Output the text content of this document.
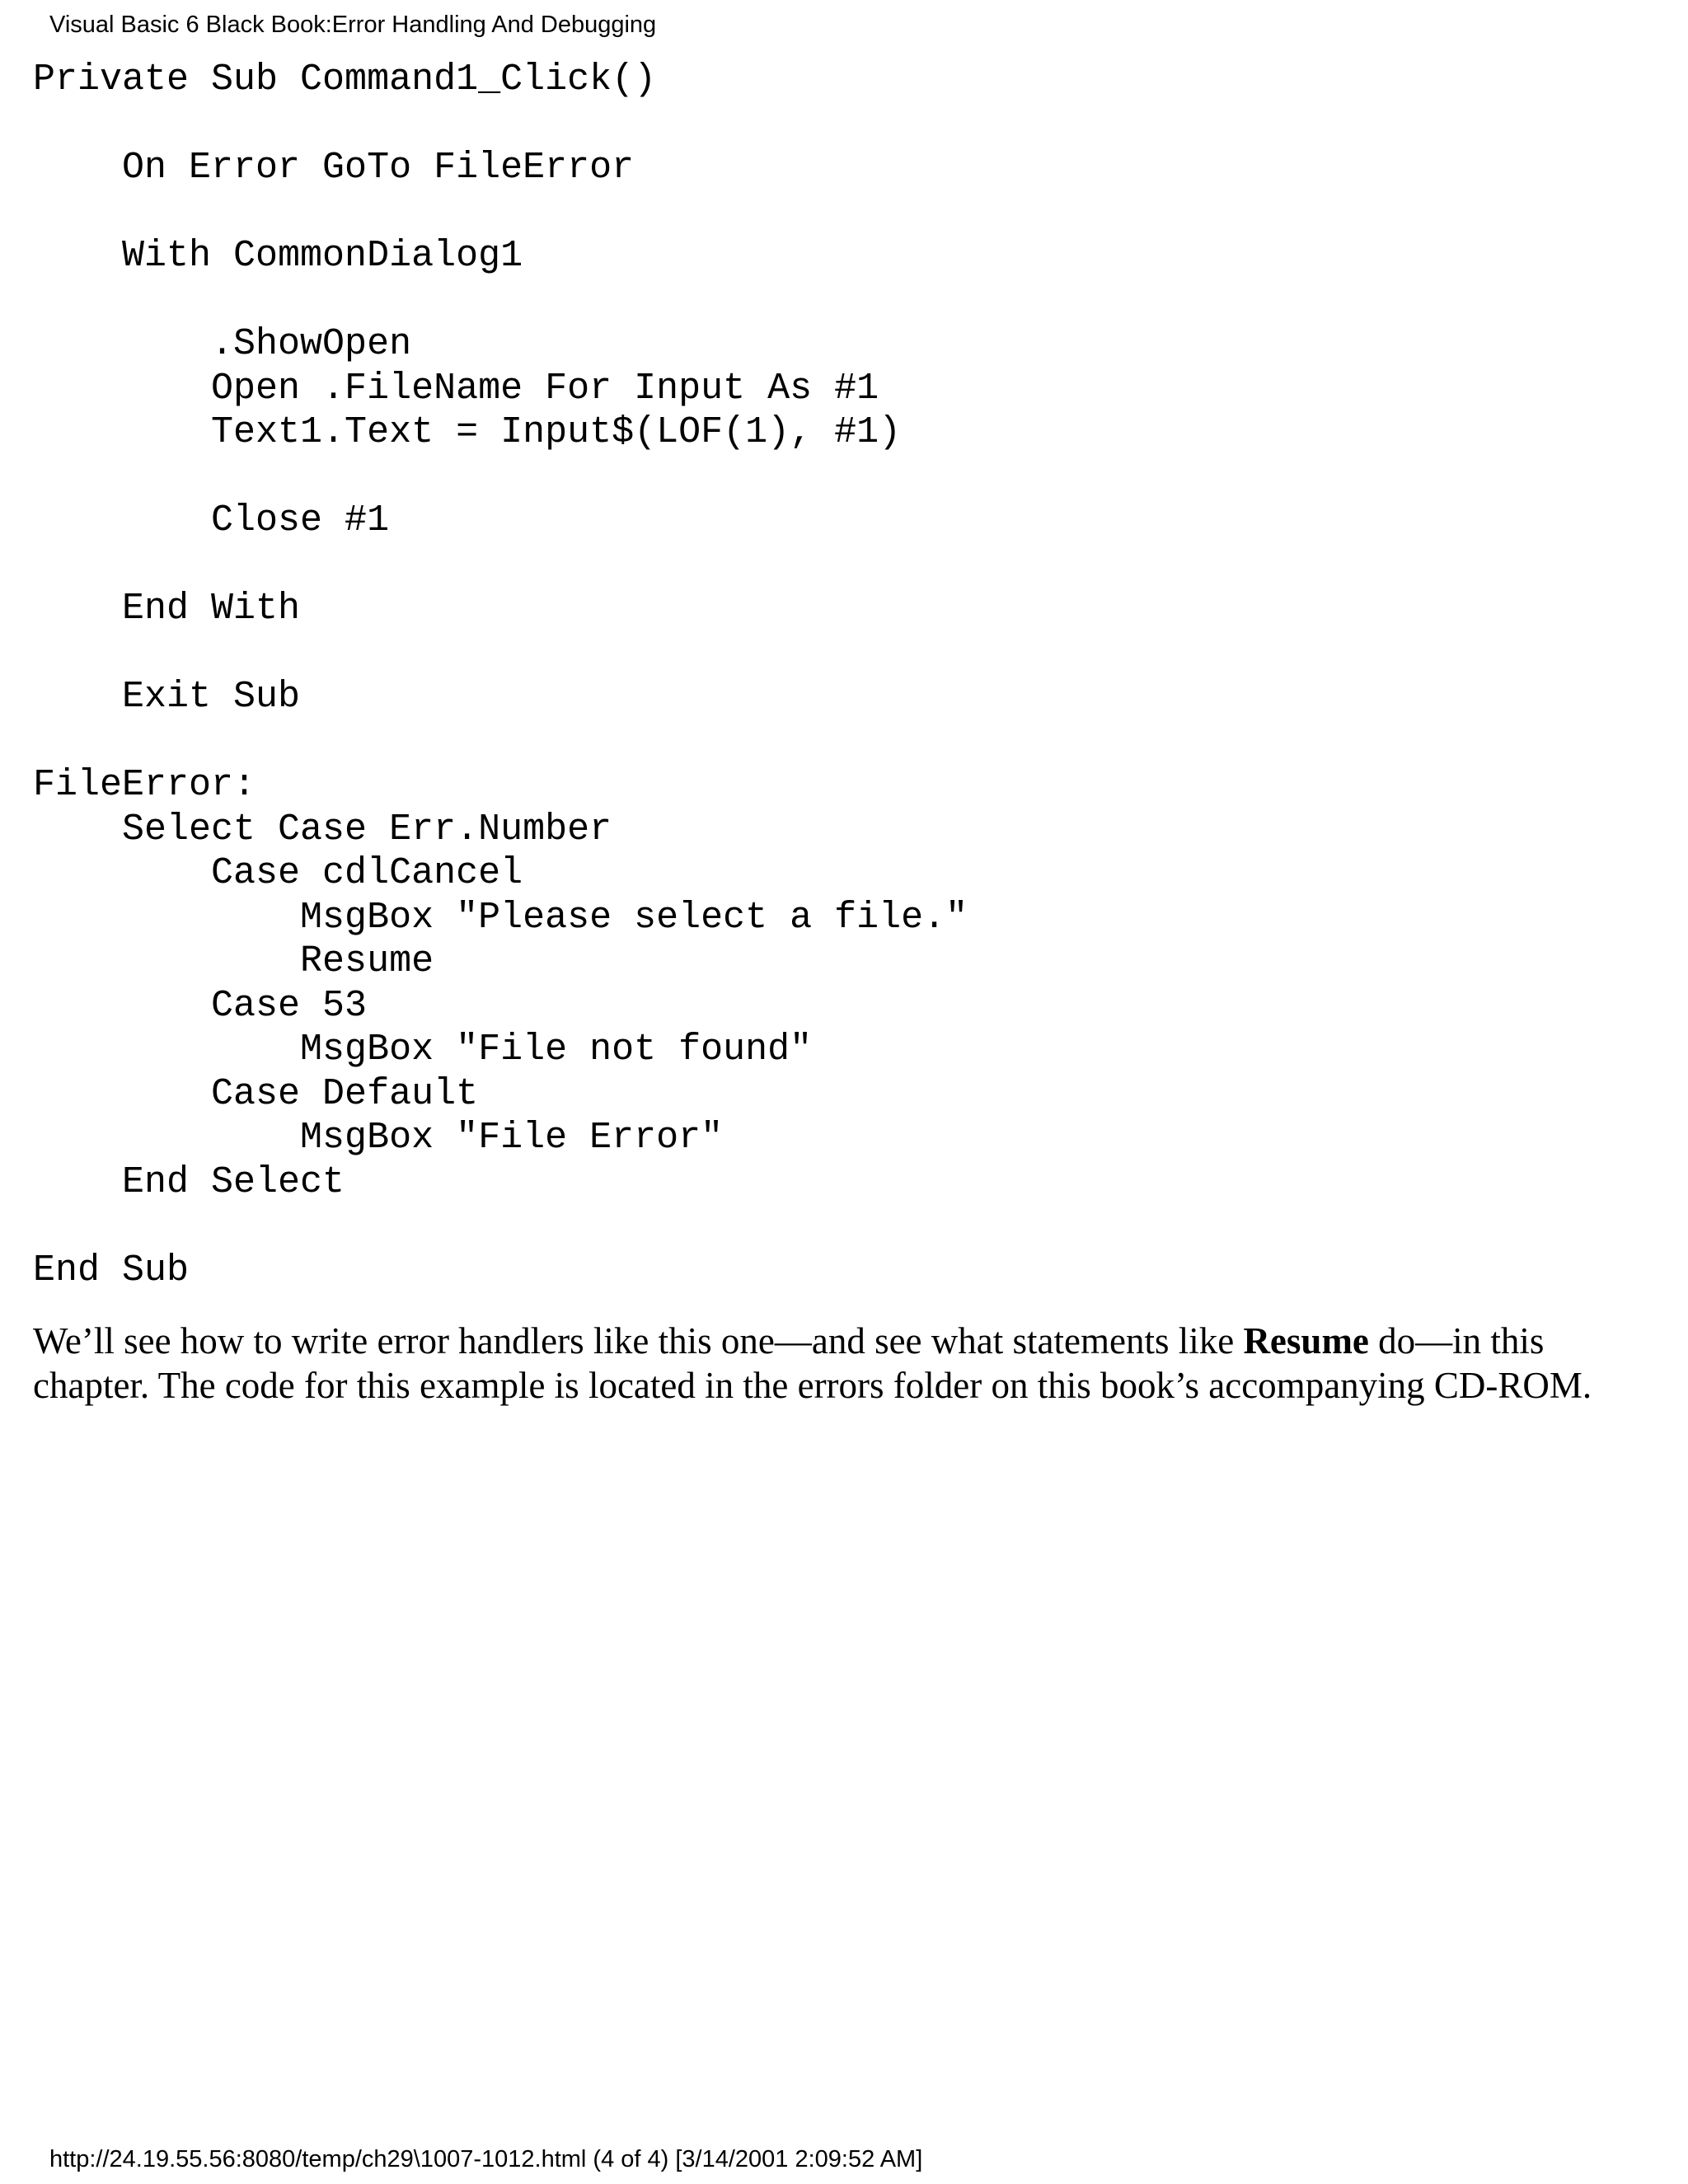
Visual Basic 6 Black Book:Error Handling And Debugging
Private Sub Command1_Click()
On Error GoTo FileError
With CommonDialog1
.ShowOpen
Open .FileName For Input As #1
Text1.Text = Input$(LOF(1), #1)
Close #1
End With
Exit Sub
FileError:
Select Case Err.Number
Case cdlCancel
MsgBox "Please select a file."
Resume
Case 53
MsgBox "File not found"
Case Default
MsgBox "File Error"
End Select
End Sub

We’ll see how to write error handlers like this one—and see what statements like Resume do—in this chapter. The code for this example is located in the errors folder on this book’s accompanying CD-ROM.

http://24.19.55.56:8080/temp/ch29\1007-1012.html (4 of 4) [3/14/2001 2:09:52 AM]
